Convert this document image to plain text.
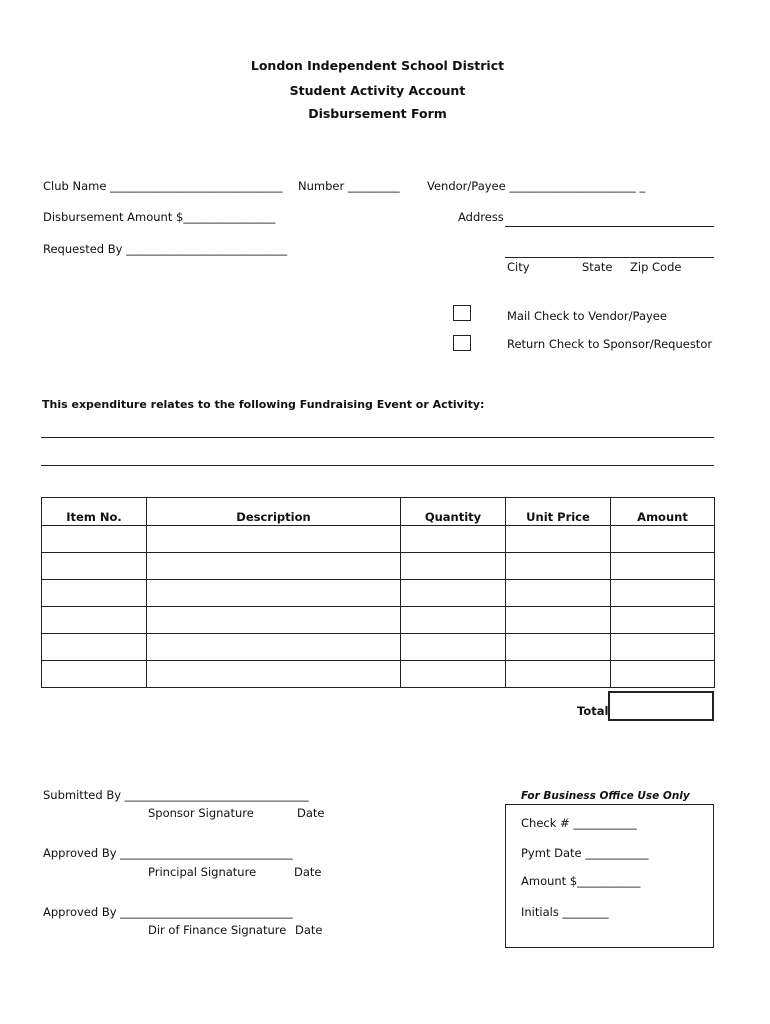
London Independent School District
Student Activity Account
Disbursement Form
Club Name ______________________________ Number _________ Vendor/Payee ______________________ _
Disbursement Amount $________________	Address
Requested By ____________________________
City	State Zip Code
Mail Check to Vendor/Payee
Return Check to Sponsor/Requestor
This expenditure relates to the following Fundraising Event or Activity:
Item No.	Description	Quantity	Unit Price	Amount

Total
Submitted By ________________________________
Sponsor Signature	Date
Approved By ______________________________
Principal Signature	Date
Approved By ______________________________
Dir of Finance Signature Date
For Business Office Use Only
Check # ___________
Pymt Date ___________
Amount $___________
Initials ________
